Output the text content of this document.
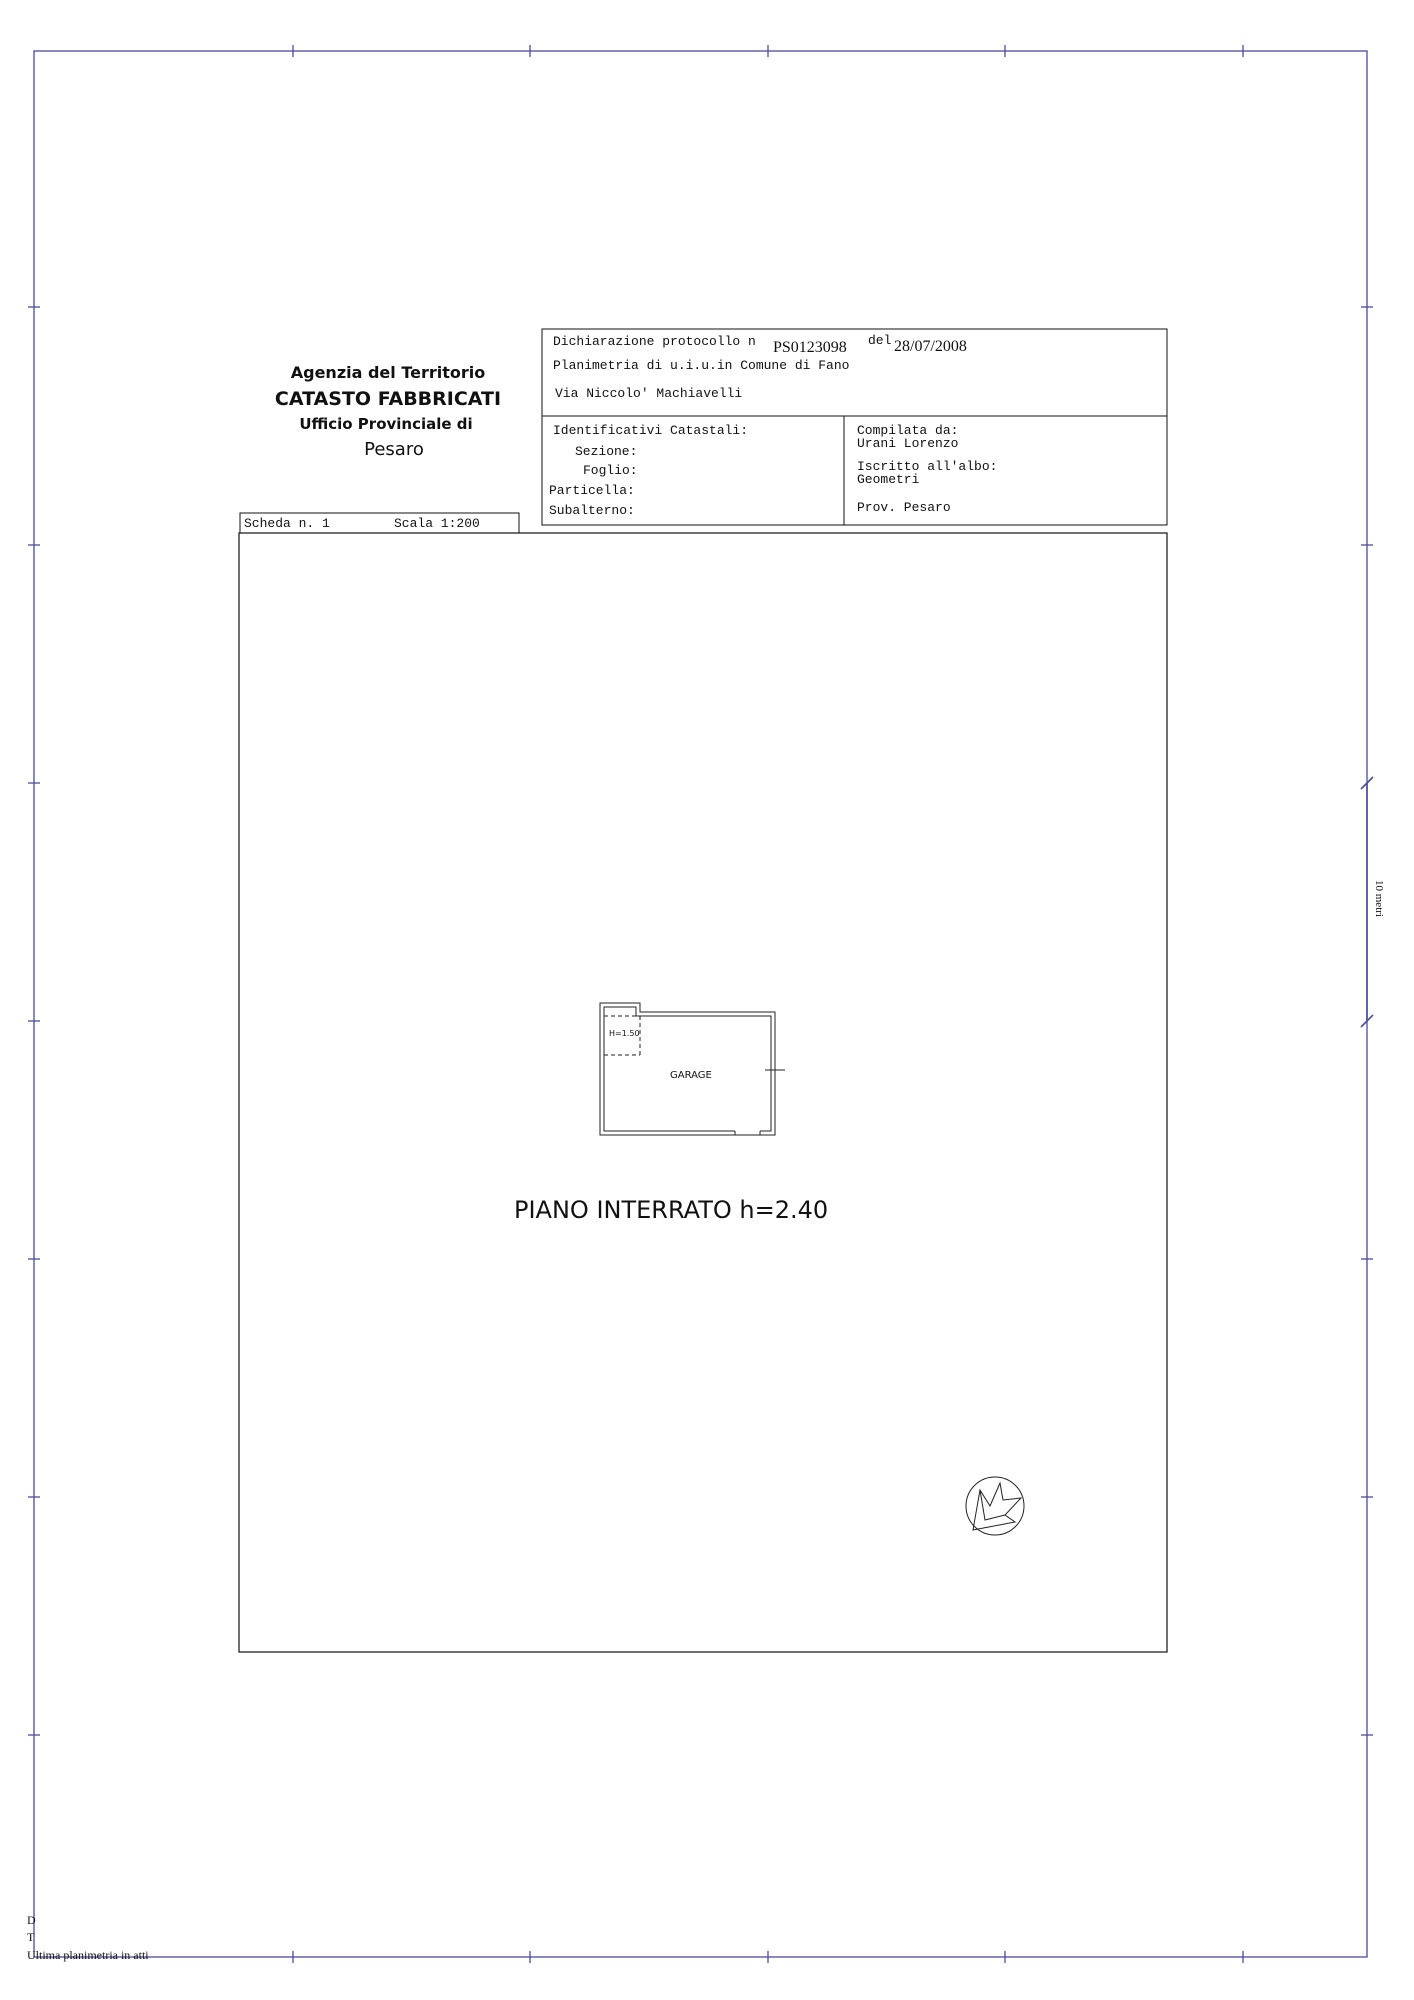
10 metri
Agenzia del Territorio
CATASTO FABBRICATI
Ufficio Provinciale di
Pesaro
Dichiarazione protocollo n PS0123098 del 28/07/2008
Planimetria di u.i.u.in Comune di Fano
Via Niccolo' Machiavelli
Identificativi Catastali:
Sezione:
Foglio:
Particella:
Subalterno:
Compilata da:
Urani Lorenzo
Iscritto all'albo:
Geometri
Prov. Pesaro
Scheda n. 1	Scala 1:200
H=1.50
GARAGE
PIANO INTERRATO h=2.40
D
T
Ultima planimetria in atti
